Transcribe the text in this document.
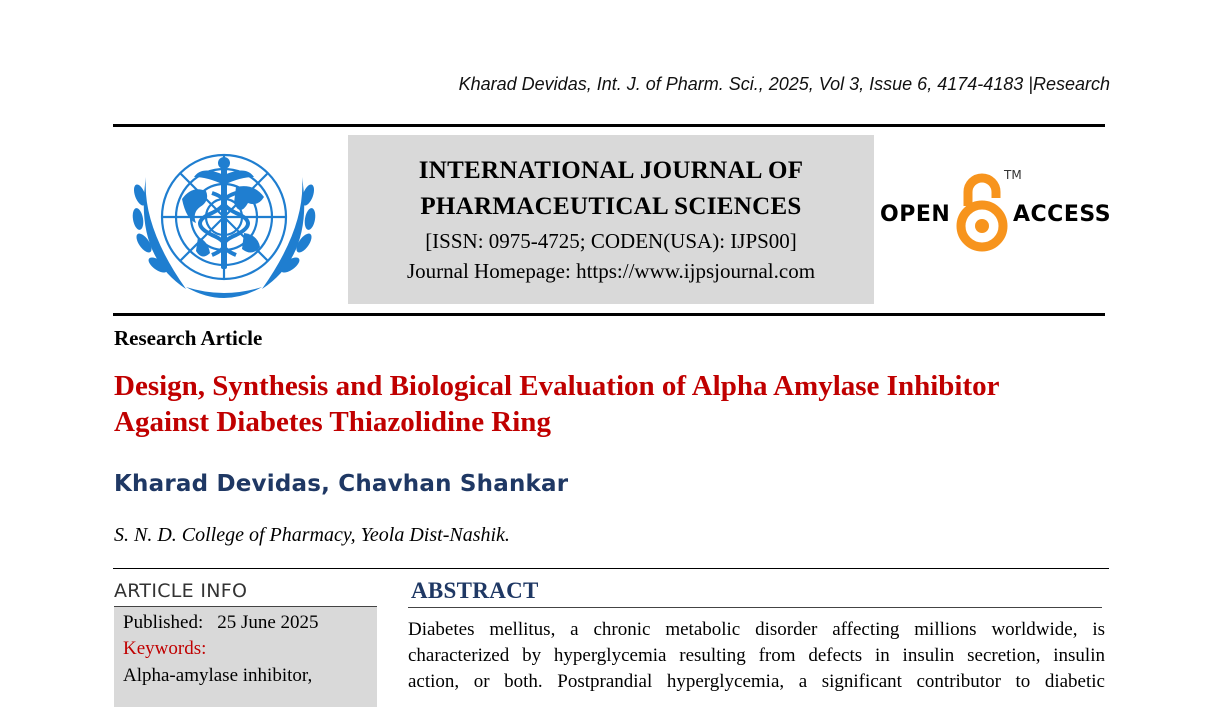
Kharad Devidas, Int. J. of Pharm. Sci., 2025, Vol 3, Issue 6, 4174-4183 |Research
INTERNATIONAL JOURNAL OF
PHARMACEUTICAL SCIENCES
[ISSN: 0975-4725; CODEN(USA): IJPS00]
Journal Homepage: https://www.ijpsjournal.com
OPEN
TM
ACCESS
Research Article
Design, Synthesis and Biological Evaluation of Alpha Amylase Inhibitor
Against Diabetes Thiazolidine Ring
Kharad Devidas, Chavhan Shankar
S. N. D. College of Pharmacy, Yeola Dist-Nashik.
ARTICLE INFO
Published: 25 June 2025
Keywords:
Alpha-amylase inhibitor,
ABSTRACT
Diabetes mellitus, a chronic metabolic disorder affecting millions worldwide, is
characterized by hyperglycemia resulting from defects in insulin secretion, insulin
action, or both. Postprandial hyperglycemia, a significant contributor to diabetic
